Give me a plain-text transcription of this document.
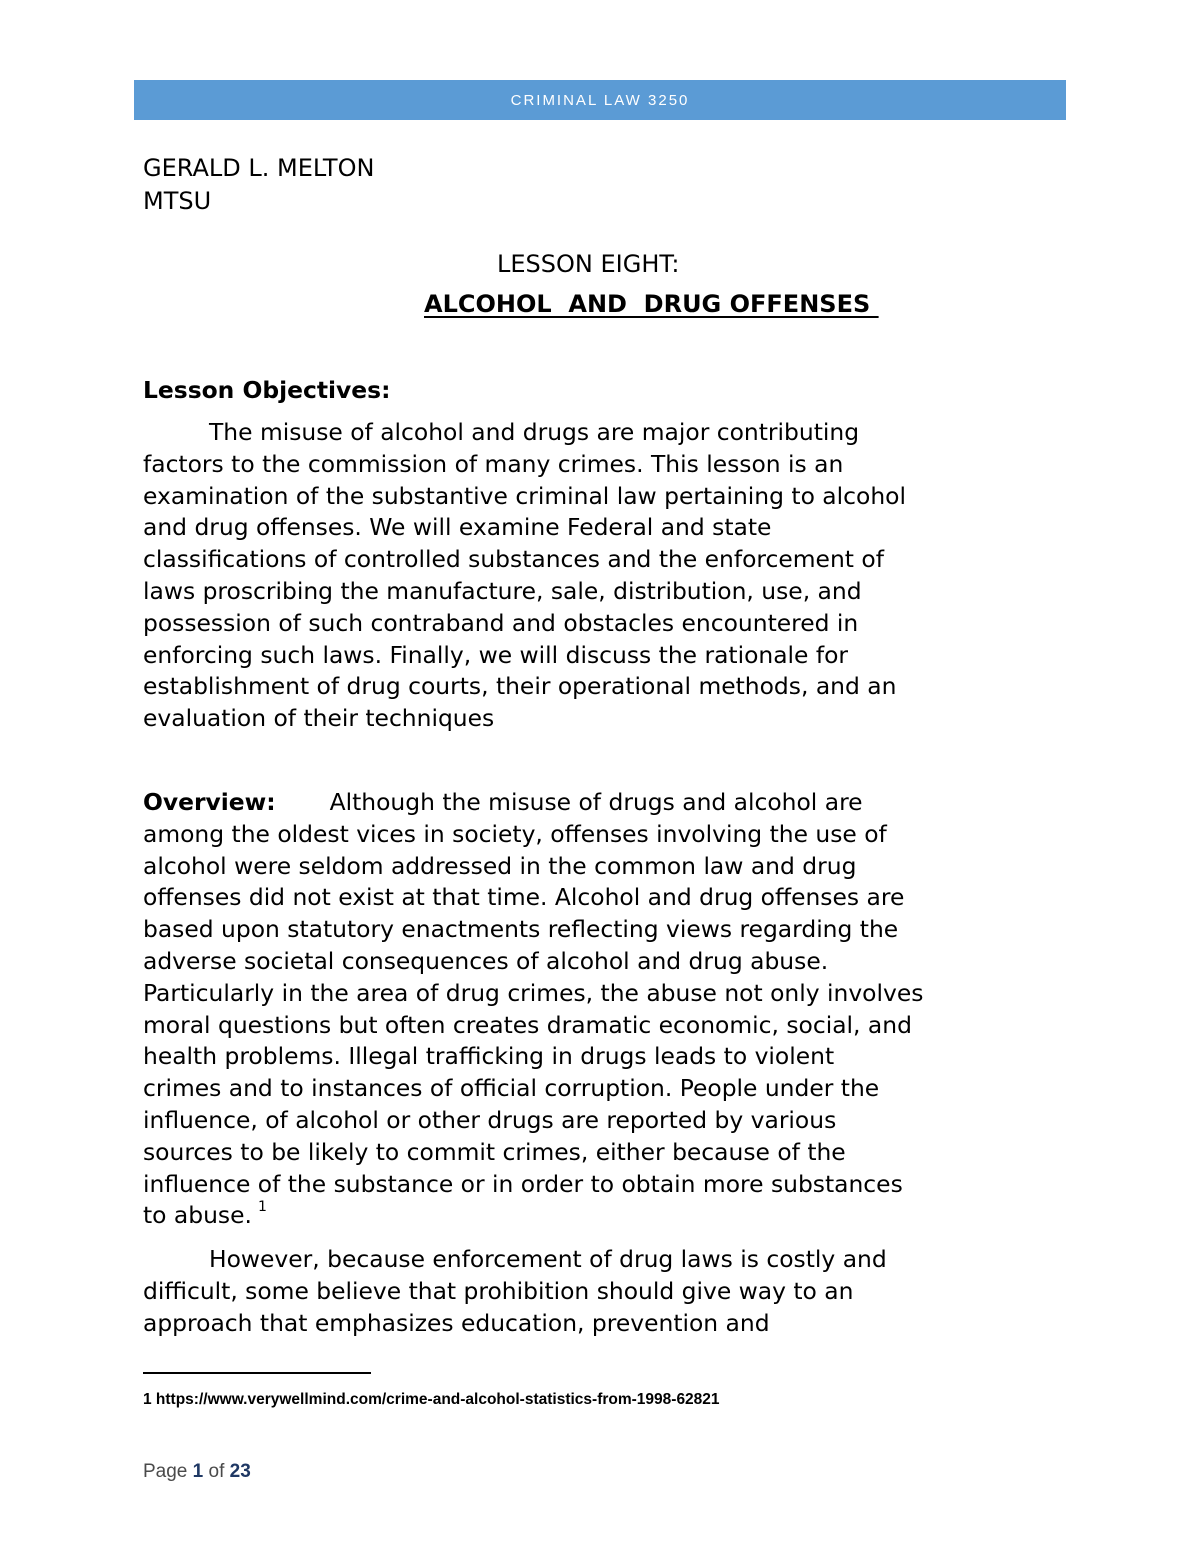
CRIMINAL LAW 3250
GERALD L. MELTON
MTSU
LESSON EIGHT:
ALCOHOL  AND  DRUG OFFENSES
Lesson Objectives:
The misuse of alcohol and drugs are major contributing
factors to the commission of many crimes. This lesson is an
examination of the substantive criminal law pertaining to alcohol
and drug offenses. We will examine Federal and state
classifications of controlled substances and the enforcement of
laws proscribing the manufacture, sale, distribution, use, and
possession of such contraband and obstacles encountered in
enforcing such laws. Finally, we will discuss the rationale for
establishment of drug courts, their operational methods, and an
evaluation of their techniques
Overview: Although the misuse of drugs and alcohol are
among the oldest vices in society, offenses involving the use of
alcohol were seldom addressed in the common law and drug
offenses did not exist at that time. Alcohol and drug offenses are
based upon statutory enactments reflecting views regarding the
adverse societal consequences of alcohol and drug abuse.
Particularly in the area of drug crimes, the abuse not only involves
moral questions but often creates dramatic economic, social, and
health problems. Illegal trafficking in drugs leads to violent
crimes and to instances of official corruption. People under the
influence, of alcohol or other drugs are reported by various
sources to be likely to commit crimes, either because of the
influence of the substance or in order to obtain more substances
to abuse. $^1$
However, because enforcement of drug laws is costly and
difficult, some believe that prohibition should give way to an
approach that emphasizes education, prevention and
1 https://www.verywellmind.com/crime-and-alcohol-statistics-from-1998-62821
Page 1 of 23
